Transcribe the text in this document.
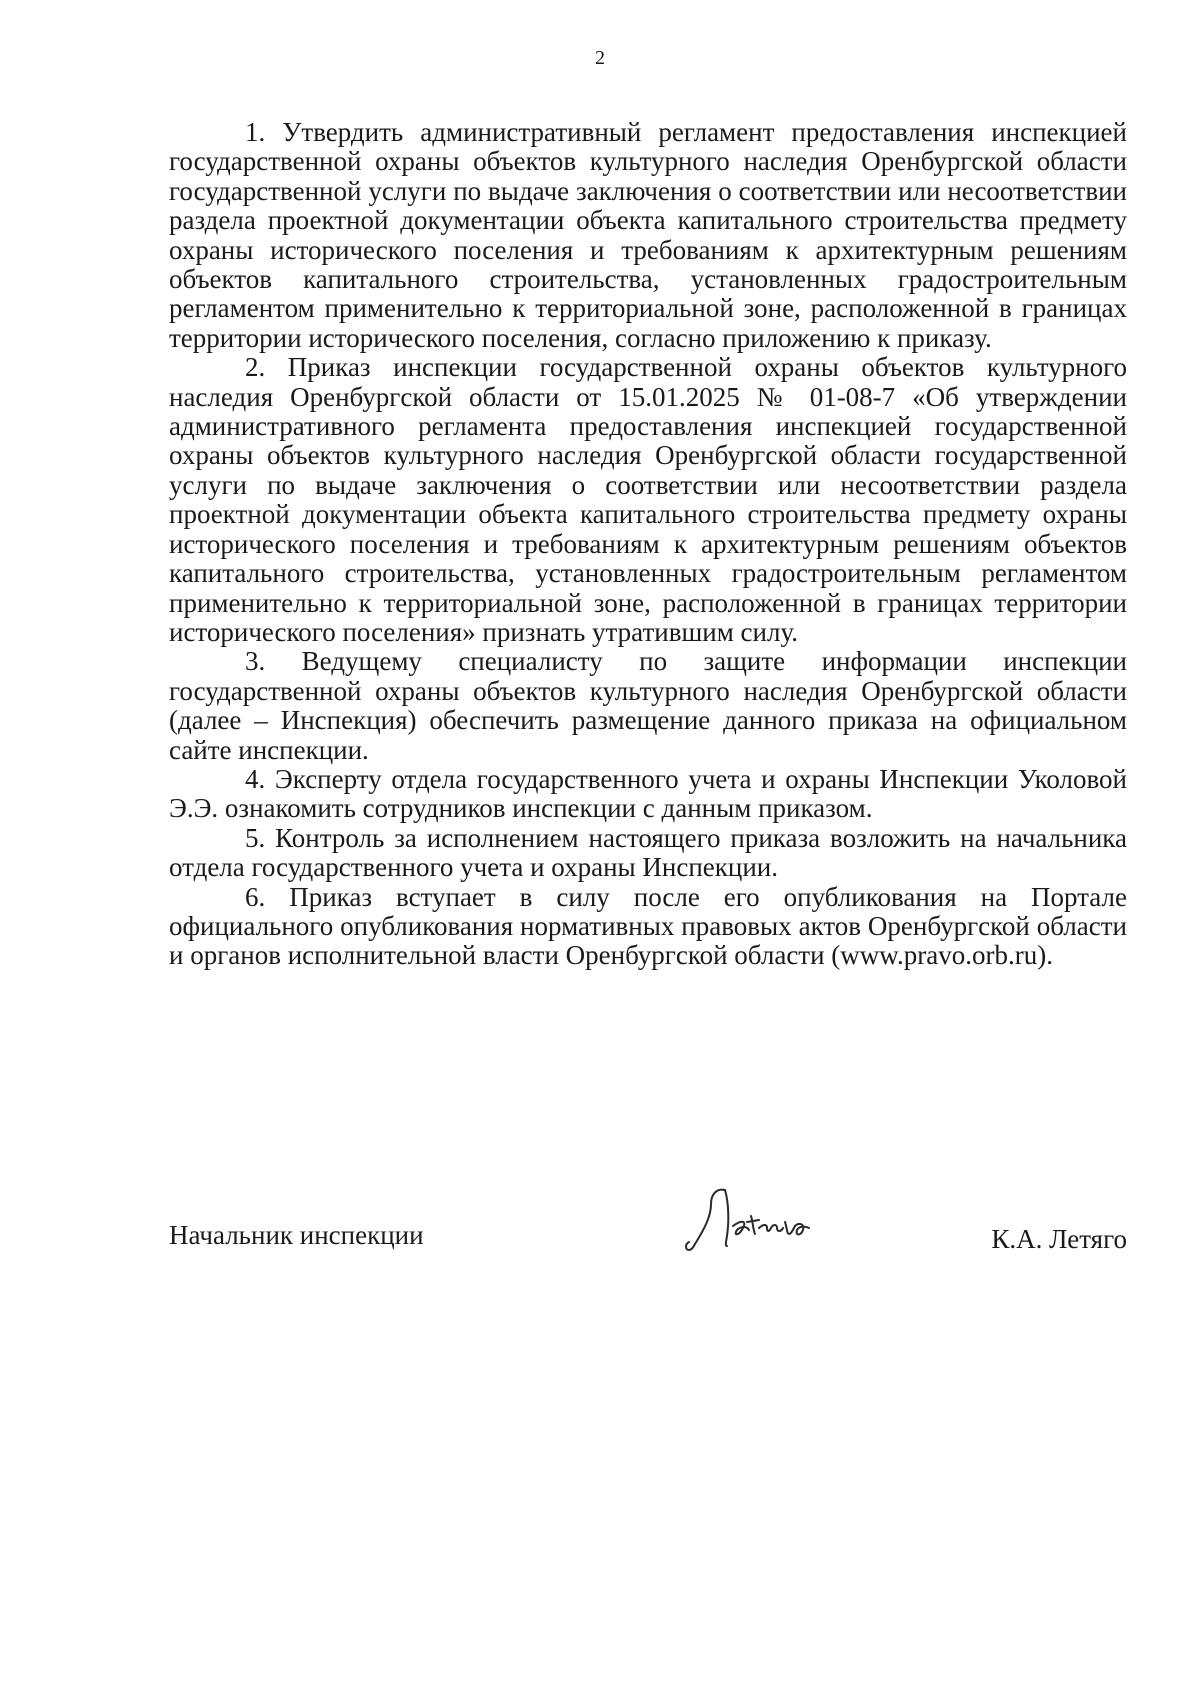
2

1. Утвердить административный регламент предоставления инспекцией государственной охраны объектов культурного наследия Оренбургской области государственной услуги по выдаче заключения о соответствии или несоответствии раздела проектной документации объекта капитального строительства предмету охраны исторического поселения и требованиям к архитектурным решениям объектов капитального строительства, установленных градостроительным регламентом применительно к территориальной зоне, расположенной в границах территории исторического поселения, согласно приложению к приказу.

2. Приказ инспекции государственной охраны объектов культурного наследия Оренбургской области от 15.01.2025 № 01-08-7 «Об утверждении административного регламента предоставления инспекцией государственной охраны объектов культурного наследия Оренбургской области государственной услуги по выдаче заключения о соответствии или несоответствии раздела проектной документации объекта капитального строительства предмету охраны исторического поселения и требованиям к архитектурным решениям объектов капитального строительства, установленных градостроительным регламентом применительно к территориальной зоне, расположенной в границах территории исторического поселения» признать утратившим силу.

3. Ведущему специалисту по защите информации инспекции государственной охраны объектов культурного наследия Оренбургской области (далее – Инспекция) обеспечить размещение данного приказа на официальном сайте инспекции.

4. Эксперту отдела государственного учета и охраны Инспекции Уколовой Э.Э. ознакомить сотрудников инспекции с данным приказом.

5. Контроль за исполнением настоящего приказа возложить на начальника отдела государственного учета и охраны Инспекции.

6. Приказ вступает в силу после его опубликования на Портале официального опубликования нормативных правовых актов Оренбургской области и органов исполнительной власти Оренбургской области (www.pravo.orb.ru).

Начальник инспекции	К.А. Летяго
